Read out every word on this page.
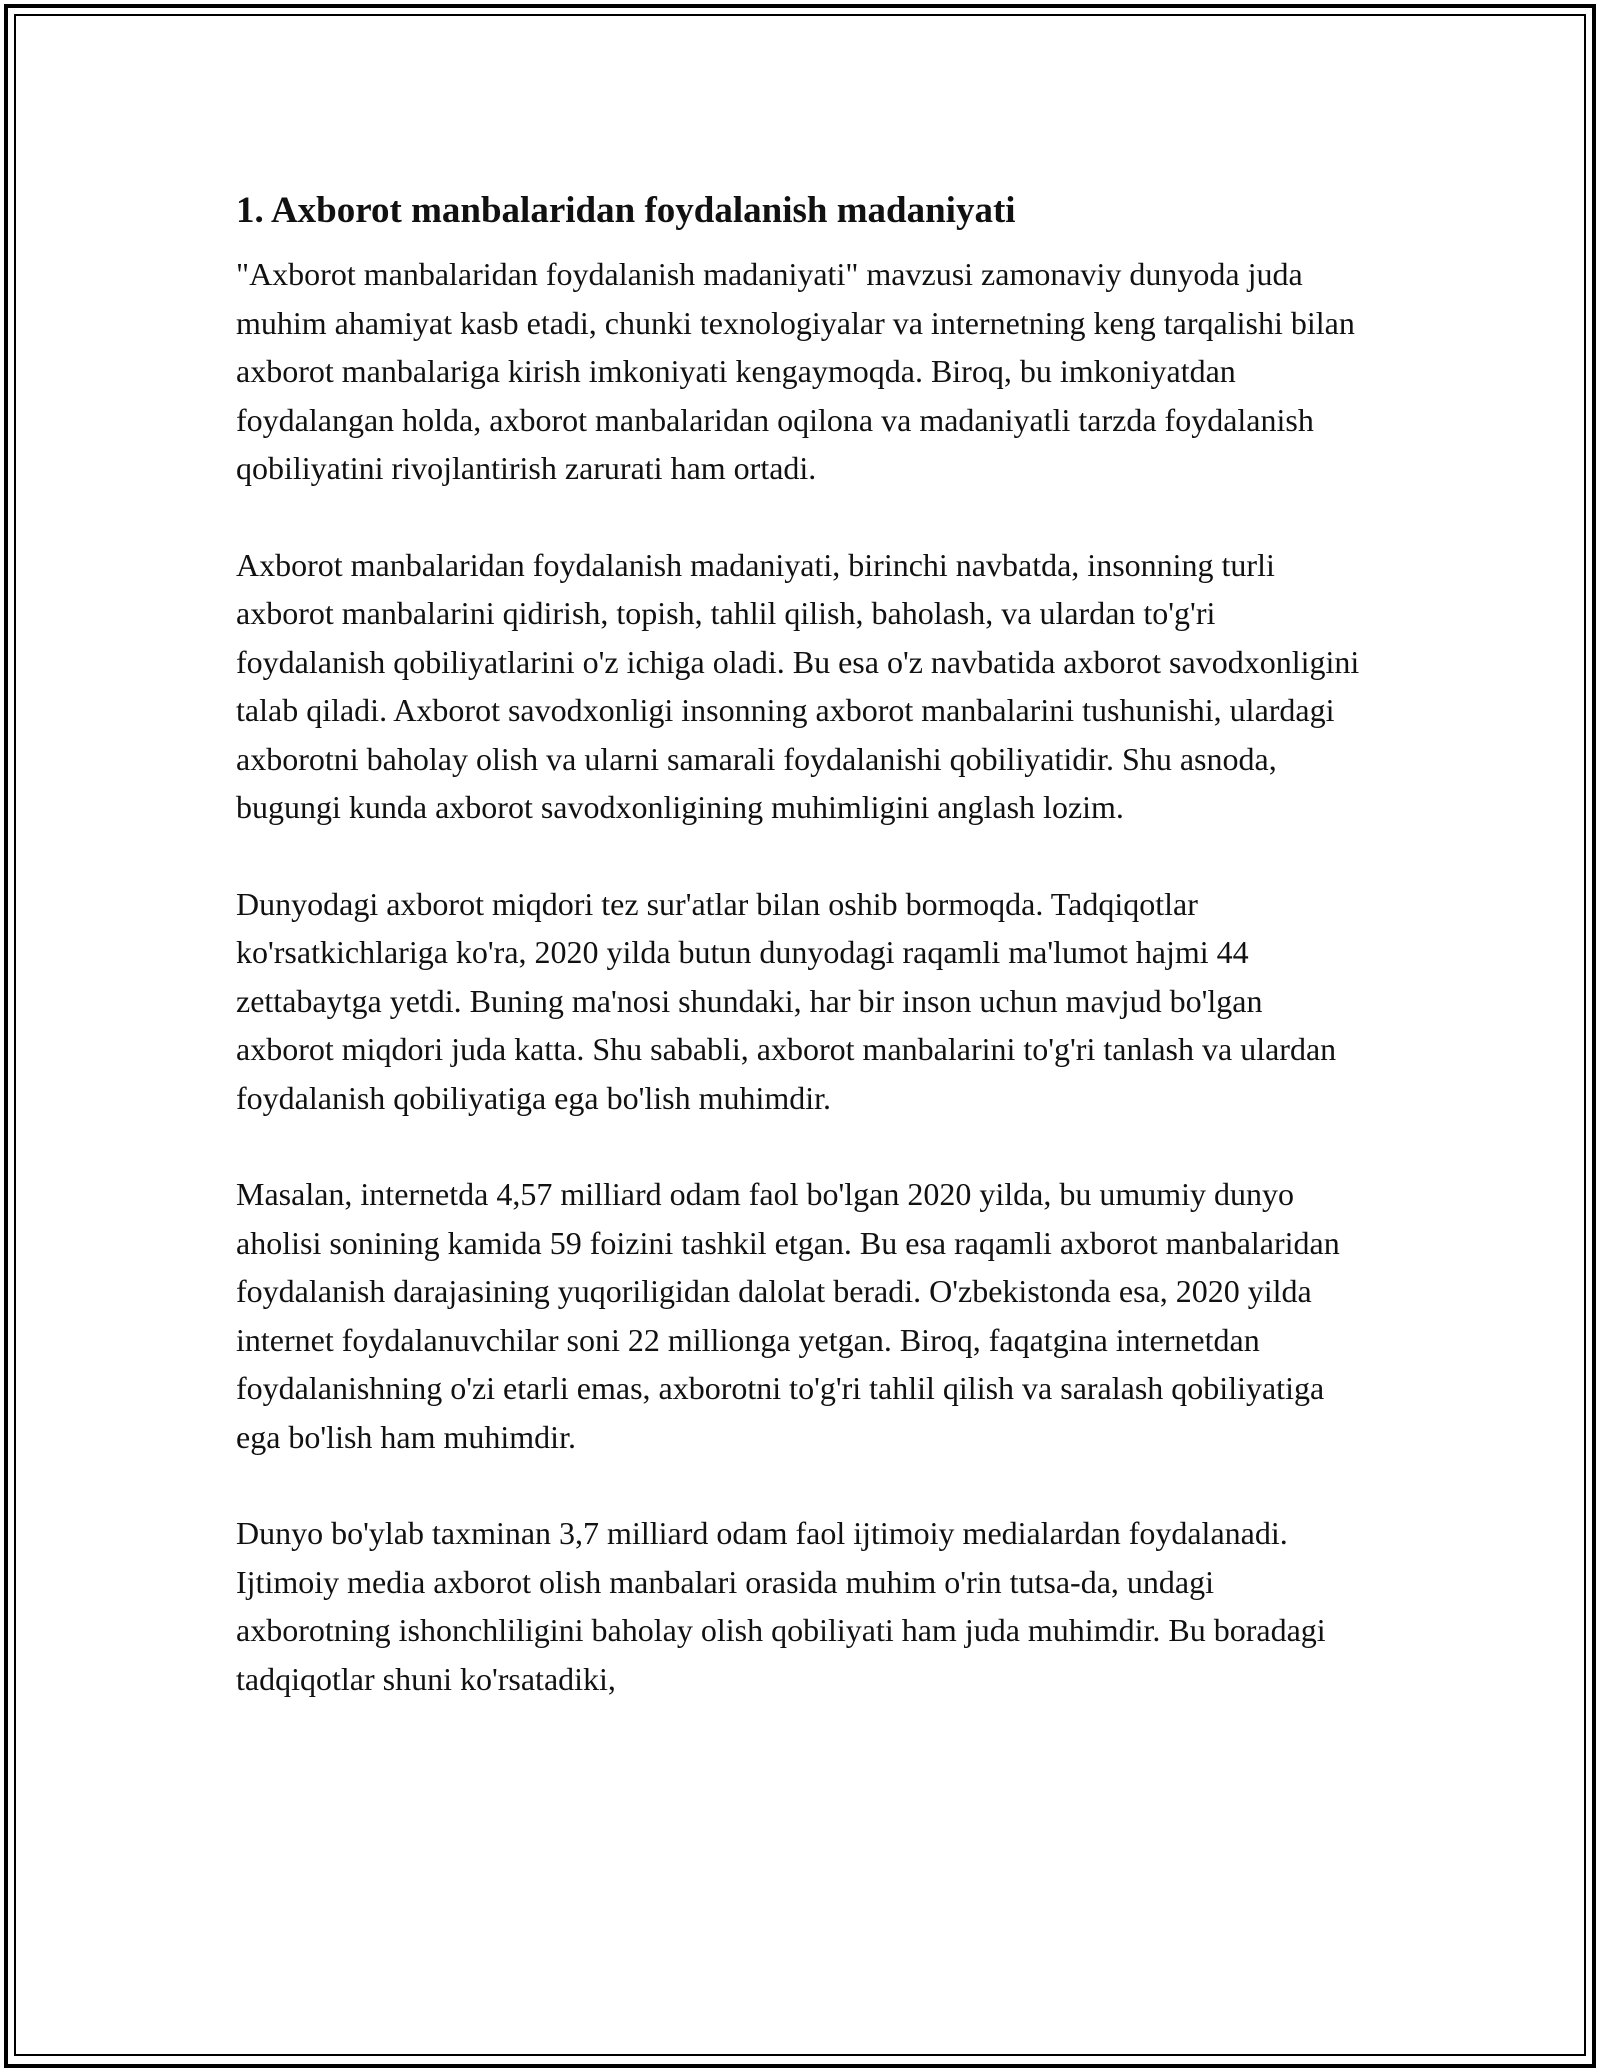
1. Axborot manbalaridan foydalanish madaniyati

"Axborot manbalaridan foydalanish madaniyati" mavzusi zamonaviy dunyoda juda muhim ahamiyat kasb etadi, chunki texnologiyalar va internetning keng tarqalishi bilan axborot manbalariga kirish imkoniyati kengaymoqda. Biroq, bu imkoniyatdan foydalangan holda, axborot manbalaridan oqilona va madaniyatli tarzda foydalanish qobiliyatini rivojlantirish zarurati ham ortadi.

Axborot manbalaridan foydalanish madaniyati, birinchi navbatda, insonning turli axborot manbalarini qidirish, topish, tahlil qilish, baholash, va ulardan to'g'ri foydalanish qobiliyatlarini o'z ichiga oladi. Bu esa o'z navbatida axborot savodxonligini talab qiladi. Axborot savodxonligi insonning axborot manbalarini tushunishi, ulardagi axborotni baholay olish va ularni samarali foydalanishi qobiliyatidir. Shu asnoda, bugungi kunda axborot savodxonligining muhimligini anglash lozim.

Dunyodagi axborot miqdori tez sur'atlar bilan oshib bormoqda. Tadqiqotlar ko'rsatkichlariga ko'ra, 2020 yilda butun dunyodagi raqamli ma'lumot hajmi 44 zettabaytga yetdi. Buning ma'nosi shundaki, har bir inson uchun mavjud bo'lgan axborot miqdori juda katta. Shu sababli, axborot manbalarini to'g'ri tanlash va ulardan foydalanish qobiliyatiga ega bo'lish muhimdir.

Masalan, internetda 4,57 milliard odam faol bo'lgan 2020 yilda, bu umumiy dunyo aholisi sonining kamida 59 foizini tashkil etgan. Bu esa raqamli axborot manbalaridan foydalanish darajasining yuqoriligidan dalolat beradi. O'zbekistonda esa, 2020 yilda internet foydalanuvchilar soni 22 millionga yetgan. Biroq, faqatgina internetdan foydalanishning o'zi etarli emas, axborotni to'g'ri tahlil qilish va saralash qobiliyatiga ega bo'lish ham muhimdir.

Dunyo bo'ylab taxminan 3,7 milliard odam faol ijtimoiy medialardan foydalanadi. Ijtimoiy media axborot olish manbalari orasida muhim o'rin tutsa-da, undagi axborotning ishonchliligini baholay olish qobiliyati ham juda muhimdir. Bu boradagi tadqiqotlar shuni ko'rsatadiki,
